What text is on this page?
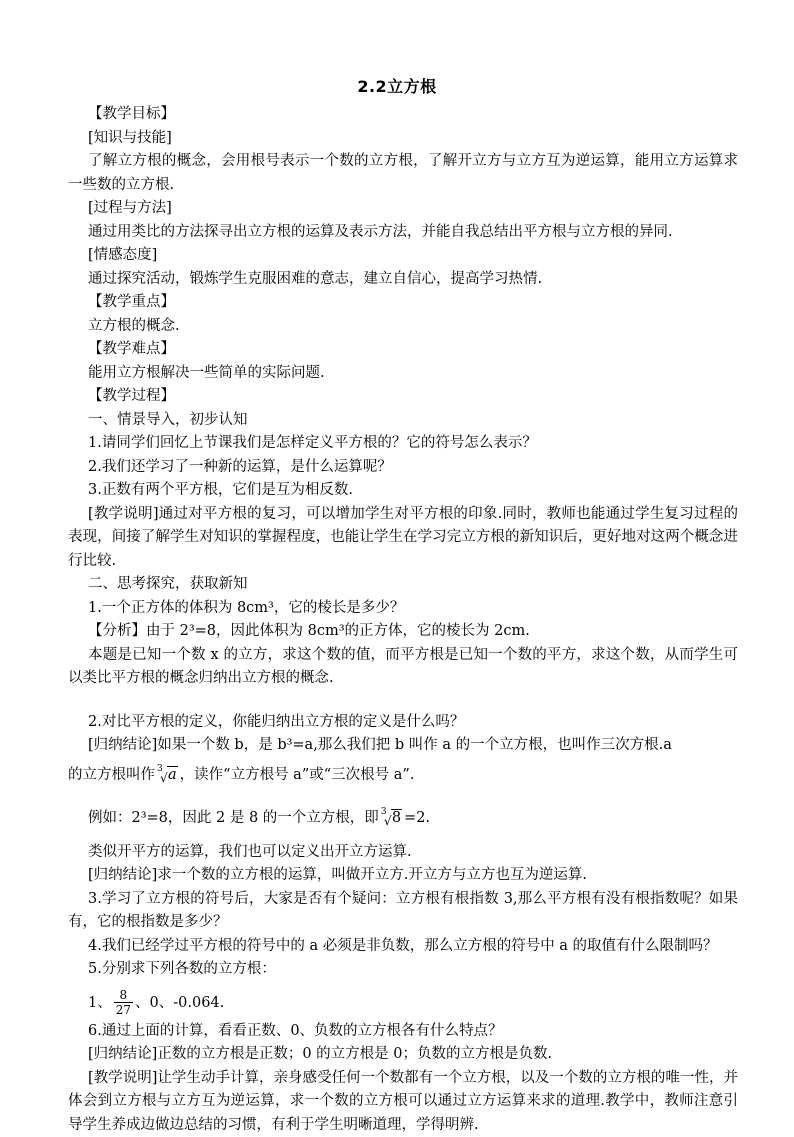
2.2立方根

【教学目标】

[知识与技能]

了解立方根的概念，会用根号表示一个数的立方根，了解开立方与立方互为逆运算，能用立方运算求一些数的立方根.

[过程与方法]

通过用类比的方法探寻出立方根的运算及表示方法，并能自我总结出平方根与立方根的异同.

[情感态度]

通过探究活动，锻炼学生克服困难的意志，建立自信心，提高学习热情.

【教学重点】

立方根的概念.

【教学难点】

能用立方根解决一些简单的实际问题.

【教学过程】

一、情景导入，初步认知

1.请同学们回忆上节课我们是怎样定义平方根的？它的符号怎么表示？

2.我们还学习了一种新的运算，是什么运算呢？

3.正数有两个平方根，它们是互为相反数.

[教学说明]通过对平方根的复习，可以增加学生对平方根的印象.同时，教师也能通过学生复习过程的表现，间接了解学生对知识的掌握程度，也能让学生在学习完立方根的新知识后，更好地对这两个概念进行比较.

二、思考探究，获取新知

1.一个正方体的体积为 8cm³，它的棱长是多少？

【分析】由于 2³=8，因此体积为 8cm³的正方体，它的棱长为 2cm.

本题是已知一个数 x 的立方，求这个数的值，而平方根是已知一个数的平方，求这个数，从而学生可以类比平方根的概念归纳出立方根的概念.

2.对比平方根的定义，你能归纳出立方根的定义是什么吗？

[归纳结论]如果一个数 b，是 b³=a,那么我们把 b 叫作 a 的一个立方根，也叫作三次方根.a

的立方根叫作 3
√ a ，读作“立方根号 a”或“三次根号 a”.

例如：2³=8，因此 2 是 8 的一个立方根，即 3
√ 8 =2.

类似开平方的运算，我们也可以定义出开立方运算.

[归纳结论]求一个数的立方根的运算，叫做开立方.开立方与立方也互为逆运算.

3.学习了立方根的符号后，大家是否有个疑问：立方根有根指数 3,那么平方根有没有根指数呢？如果有，它的根指数是多少？

4.我们已经学过平方根的符号中的 a 必须是非负数，那么立方根的符号中 a 的取值有什么限制吗？

5.分别求下列各数的立方根：

1、 $\frac{8}{27}$ 、0、-0.064.

6.通过上面的计算，看看正数、0、负数的立方根各有什么特点？

[归纳结论]正数的立方根是正数；0 的立方根是 0；负数的立方根是负数.

[教学说明]让学生动手计算，亲身感受任何一个数都有一个立方根，以及一个数的立方根的唯一性，并体会到立方根与立方互为逆运算，求一个数的立方根可以通过立方运算来求的道理.教学中，教师注意引导学生养成边做边总结的习惯，有利于学生明晰道理，学得明辨.
